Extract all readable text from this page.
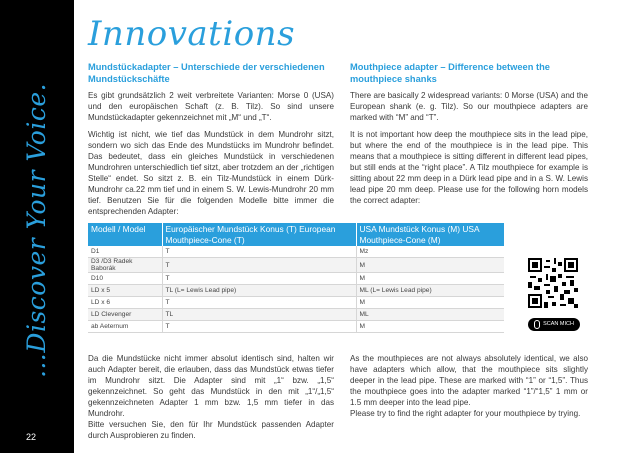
…Discover Your Voice.
22
Innovations
Mundstückadapter – Unterschiede der verschiedenen Mundstückschäfte

Es gibt grundsätzlich 2 weit verbreitete Varianten: Morse 0 (USA) und den europäischen Schaft (z. B. Tilz). So sind unsere Mundstückadapter gekennzeichnet mit „M“ und „T“.

Wichtig ist nicht, wie tief das Mundstück in dem Mundrohr sitzt, sondern wo sich das Ende des Mundstücks im Mundrohr befindet. Das bedeutet, dass ein gleiches Mundstück in verschiedenen Mundrohren unterschiedlich tief sitzt, aber trotzdem an der „richtigen Stelle“ endet. So sitzt z. B. ein Tilz-Mundstück in einem Dürk-Mundrohr ca.22 mm tief und in einem S. W. Lewis-Mundrohr 20 mm tief. Benutzen Sie für die folgenden Modelle bitte immer die entsprechenden Adapter:

Mouthpiece adapter – Difference between the mouthpiece shanks

There are basically 2 widespread variants: 0 Morse (USA) and the European shank (e. g. Tilz). So our mouthpiece adapters are marked with “M” and “T”.

It is not important how deep the mouthpiece sits in the lead pipe, but where the end of the mouthpiece is in the lead pipe. This means that a mouthpiece is sitting different in different lead pipes, but still ends at the “right place”. A Tilz mouthpiece for example is sitting about 22 mm deep in a Dürk lead pipe and in a S. W. Lewis lead pipe 20 mm deep. Please use for the following horn models the correct adapter:

Modell / Model	Europäischer Mundstück Konus (T) European Mouthpiece-Cone (T)	USA Mundstück Konus (M) USA Mouthpiece-Cone (M)
D1	T	Mz
D3 /D3 Radek Baborák	T	M
D10	T	M
LD x 5	TL (L= Lewis Lead pipe)	ML (L= Lewis Lead pipe)
LD x 6	T	M
LD Clevenger	TL	ML
ab Aeternum	T	M	SCAN MICH

Da die Mundstücke nicht immer absolut identisch sind, halten wir auch Adapter bereit, die erlauben, dass das Mundstück etwas tiefer im Mundrohr sitzt. Die Adapter sind mit „1“ bzw. „1,5“ gekennzeichnet. So geht das Mundstück in den mit „1“/„1,5“ gekennzeichneten Adapter 1 mm bzw. 1,5 mm tiefer in das Mundrohr.

Bitte versuchen Sie, den für Ihr Mundstück passenden Adapter durch Ausprobieren zu finden.

As the mouthpieces are not always absolutely identical, we also have adapters which allow, that the mouthpiece sits slightly deeper in the lead pipe. These are marked with “1” or “1,5”. Thus the mouthpiece goes into the adapter marked “1”/“1,5” 1 mm or 1.5 mm deeper into the lead pipe.

Please try to find the right adapter for your mouthpiece by trying.
